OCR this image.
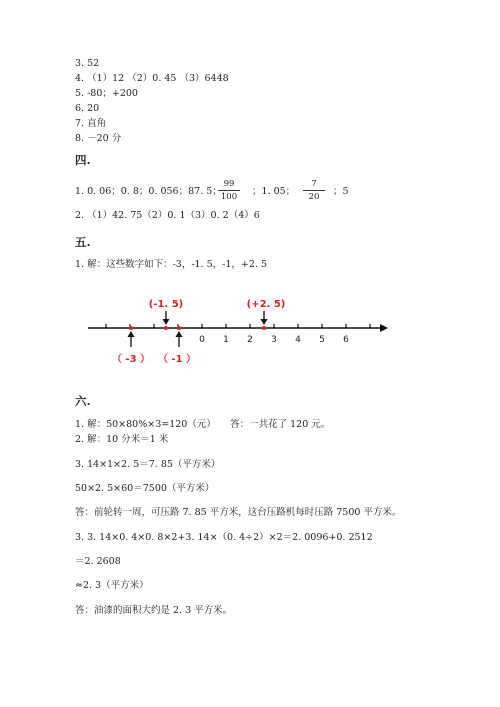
3. 52
4. （1）12 （2）0. 45 （3）6448
5. -80；+200
6. 20
7. 直角
8. －20 分
四.
1. 0. 06；0. 8；0. 056；87. 5；
99
100	；1. 05；
7
20	；5
2. （1）42. 75（2）0. 1（3）0. 2（4）6
五.
1. 解：这些数字如下：-3，-1. 5，-1，+2. 5
0 1 2 3 4 5 6
(-1. 5)	(+2. 5)
（ -3 ） （ -1 ）
六.
1. 解：50×80%×3=120（元）　　答：一共花了 120 元。
2. 解：10 分米＝1 米
3. 14×1×2. 5＝7. 85（平方米）
50×2. 5×60＝7500（平方米）
答：前轮转一周，可压路 7. 85 平方米，这台压路机每时压路 7500 平方米。
3. 3. 14×0. 4×0. 8×2+3. 14×（0. 4÷2）×2＝2. 0096+0. 2512
＝2. 2608
≈2. 3（平方米）
答：油漆的面积大约是 2. 3 平方米。
